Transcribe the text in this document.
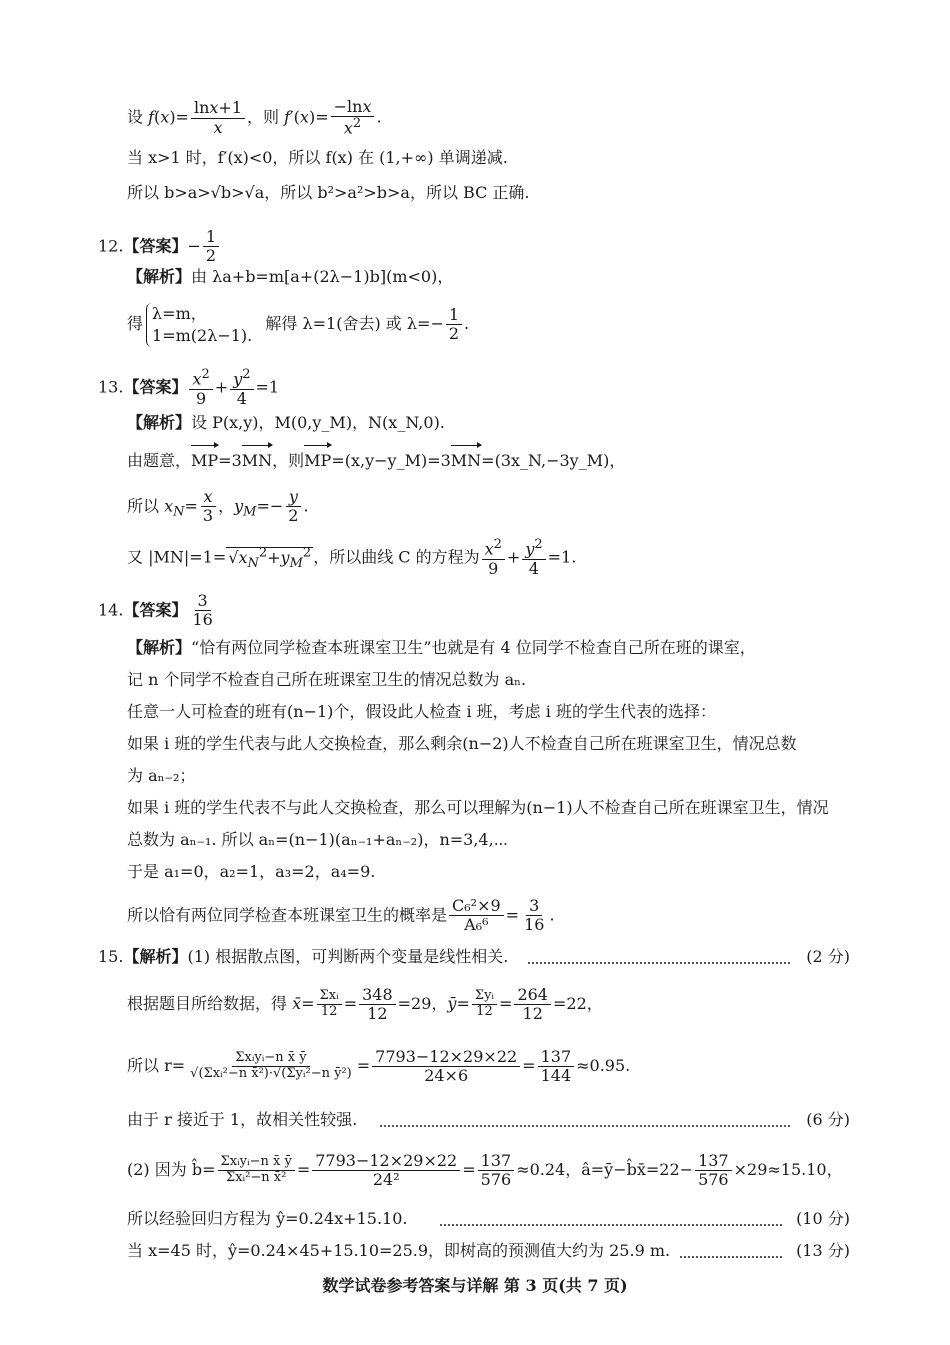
设 $f(x)= \frac{\ln x+1}{x}$ ，则 $f'(x)= \frac{-\ln x}{x^2}$ .
当 x>1 时，f′(x)<0，所以 f(x) 在 (1,+∞) 单调递减.
所以 b>a>√b>√a，所以 b²>a²>b>a，所以 BC 正确.
12.【答案】− $\frac{1}{2}$
【解析】由 λa+b=m[a+(2λ−1)b](m<0)，
得
λ=m，
1=m(2λ−1).
解得 λ=1(舍去) 或 $\lambda=- \frac{1}{2}$ .
13.【答案】 $\frac{x^2}{9} + \frac{y^2}{4} =1$
【解析】设 P(x,y)，M(0,y_M)，N(x_N,0).
由题意，MP=3MN，则MP=(x,y−y_M)=3MN=(3x_N,−3y_M)，
所以 $x_N= \frac{x}{3}$ ，$y_M=- \frac{y}{2}$ .
又 $|MN|=1= √x_N^2+y_M^2$ ，所以曲线 C 的方程为 $\frac{x^2}{9} + \frac{y^2}{4} =1$.
14.【答案】 $\frac{3}{16}$
【解析】“恰有两位同学检查本班课室卫生”也就是有 4 位同学不检查自己所在班的课室，
记 n 个同学不检查自己所在班课室卫生的情况总数为 aₙ.
任意一人可检查的班有(n−1)个，假设此人检查 i 班，考虑 i 班的学生代表的选择：
如果 i 班的学生代表与此人交换检查，那么剩余(n−2)人不检查自己所在班课室卫生，情况总数
为 aₙ₋₂；
如果 i 班的学生代表不与此人交换检查，那么可以理解为(n−1)人不检查自己所在班课室卫生，情况
总数为 aₙ₋₁. 所以 aₙ=(n−1)(aₙ₋₁+aₙ₋₂)，n=3,4,⋯
于是 a₁=0，a₂=1，a₃=2，a₄=9.
所以恰有两位同学检查本班课室卫生的概率是 $\frac{\text{C₆²×9}}{\text{A₆⁶}} = \frac{3}{16}$ .
15.【解析】(1) 根据散点图，可判断两个变量是线性相关.	(2 分)
根据题目所给数据，得 x̄= $\frac{\text{Σxᵢ}}{12} = \frac{348}{12} =29$，ȳ= $\frac{\text{Σyᵢ}}{12} = \frac{264}{12} =22$，
所以 $r= \frac{\text{Σxᵢyᵢ−n x̄ ȳ}}{\text{√(Σxᵢ²−n x̄²)·√(Σyᵢ²−n ȳ²)}} = \frac{7793-12\times 29\times 22}{24\times 6} = \frac{137}{144} \approx 0.95$.
由于 r 接近于 1，故相关性较强.	(6 分)
(2) 因为 b̂= $\frac{\text{Σxᵢyᵢ−n x̄ ȳ}}{\text{Σxᵢ²−n x̄²}} = \frac{7793-12\times 29\times 22}{\text{24²}} = \frac{137}{576} \approx 0.24$，â=ȳ−b̂x̄=22− $\frac{137}{576} \times 29\approx 15.10$，
所以经验回归方程为 ŷ=0.24x+15.10.	(10 分)
当 x=45 时，ŷ=0.24×45+15.10=25.9，即树高的预测值大约为 25.9 m.	(13 分)
数学试卷参考答案与详解 第 3 页(共 7 页)
